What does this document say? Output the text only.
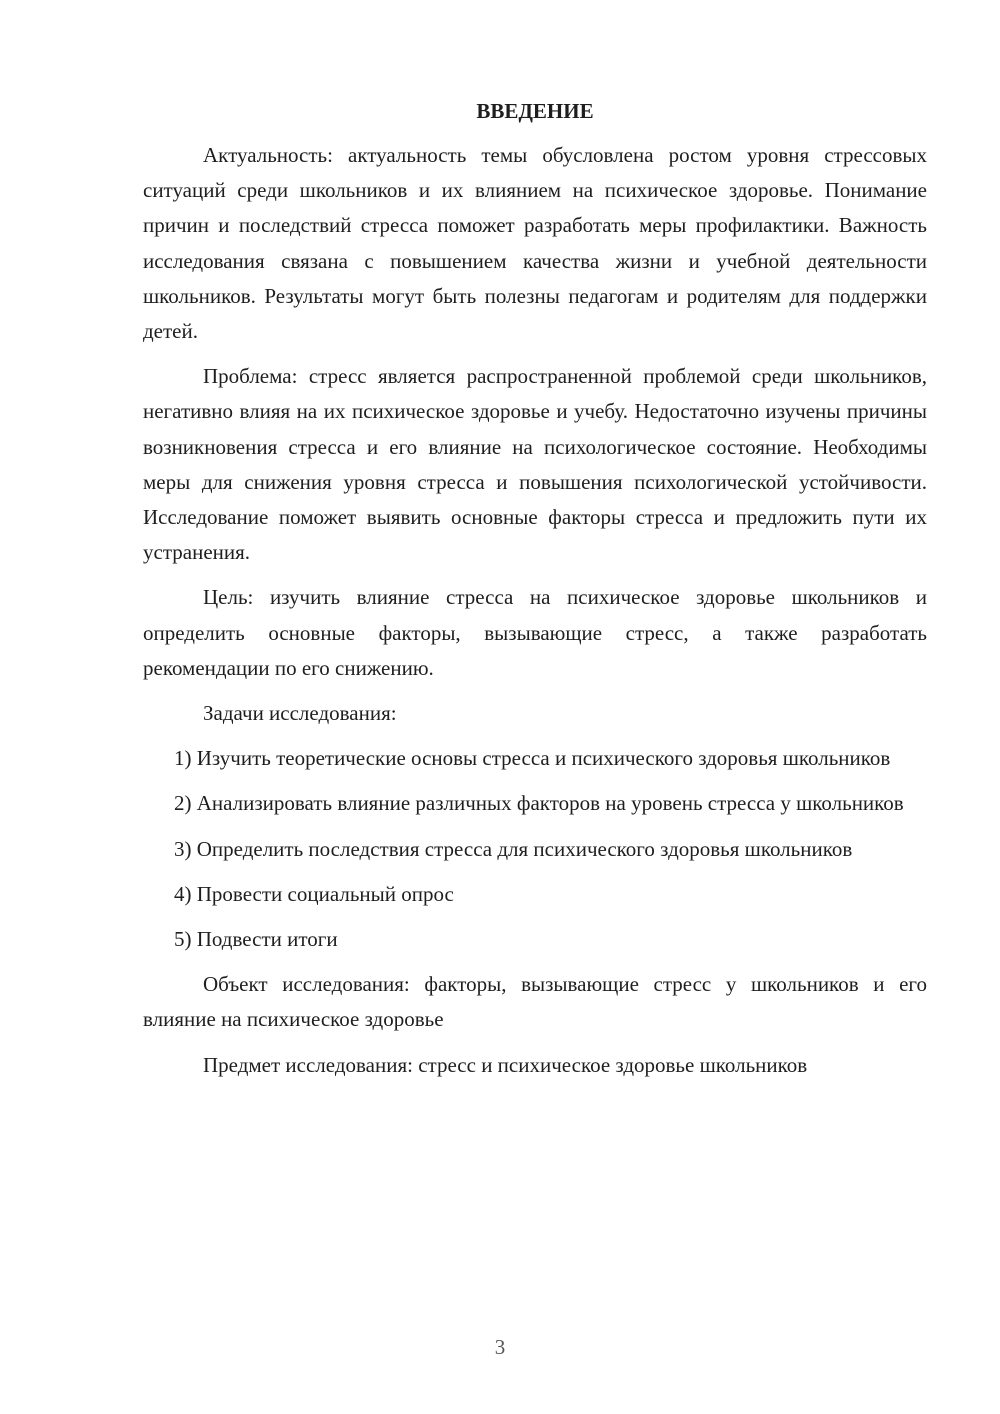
ВВЕДЕНИЕ

Актуальность: актуальность темы обусловлена ростом уровня стрессовых ситуаций среди школьников и их влиянием на психическое здоровье. Понимание причин и последствий стресса поможет разработать меры профилактики. Важность исследования связана с повышением качества жизни и учебной деятельности школьников. Результаты могут быть полезны педагогам и родителям для поддержки детей.

Проблема: стресс является распространенной проблемой среди школьников, негативно влияя на их психическое здоровье и учебу. Недостаточно изучены причины возникновения стресса и его влияние на психологическое состояние. Необходимы меры для снижения уровня стресса и повышения психологической устойчивости. Исследование поможет выявить основные факторы стресса и предложить пути их устранения.

Цель: изучить влияние стресса на психическое здоровье школьников и определить основные факторы, вызывающие стресс, а также разработать рекомендации по его снижению.

Задачи исследования:

1) Изучить теоретические основы стресса и психического здоровья школьников

2) Анализировать влияние различных факторов на уровень стресса у школьников

3) Определить последствия стресса для психического здоровья школьников

4) Провести социальный опрос

5) Подвести итоги

Объект исследования: факторы, вызывающие стресс у школьников и его влияние на психическое здоровье

Предмет исследования: стресс и психическое здоровье школьников

3
